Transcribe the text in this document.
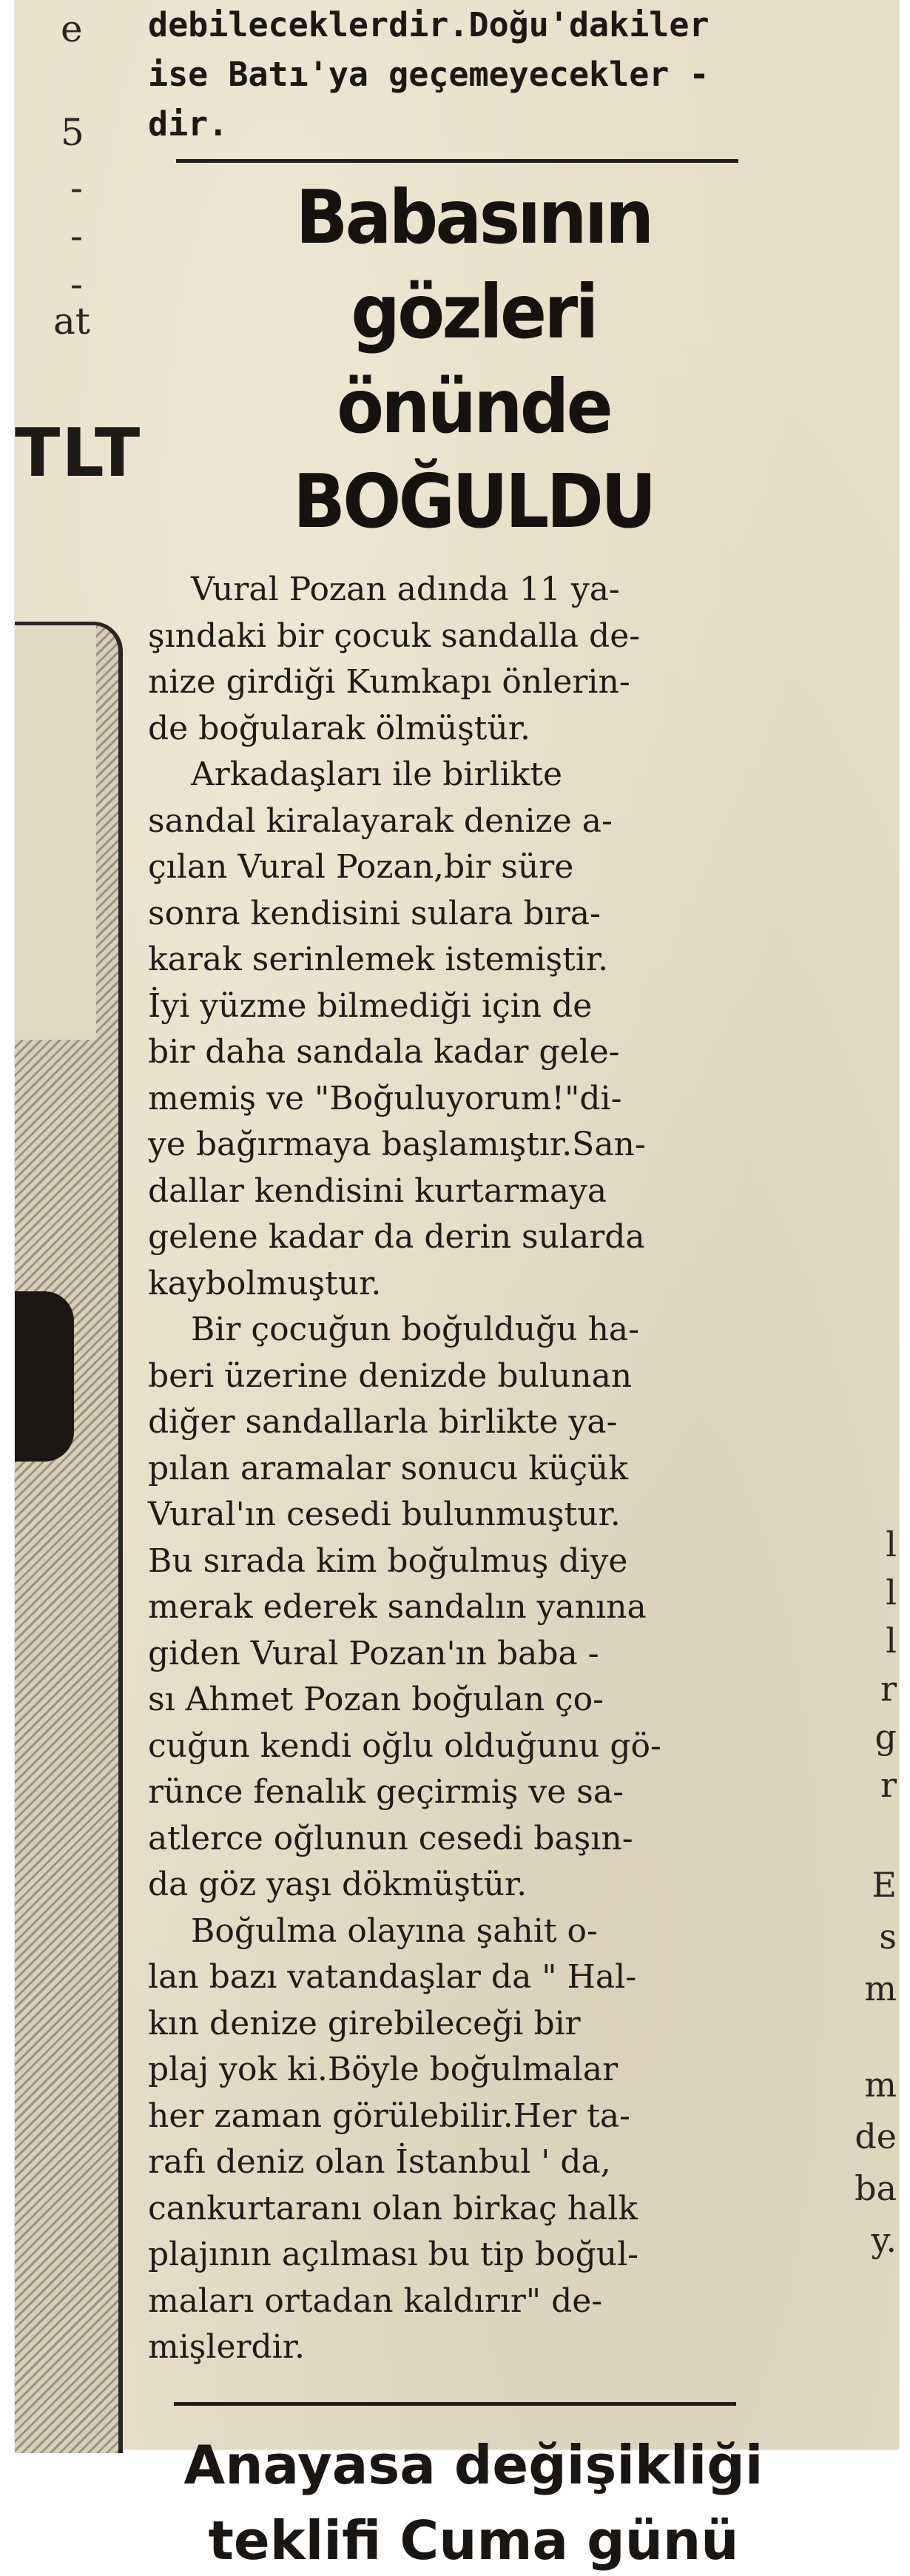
e
5
-
-
-
at
TLT
l
l
l
r
g
r
E
s
m
m
de
ba
y.
debileceklerdir.Doğu'dakiler
ise Batı'ya geçemeyecekler -
dir.
Babasının gözleri
önünde BOĞULDU
Vural Pozan adında 11 ya-
şındaki bir çocuk sandalla de-
nize girdiği Kumkapı önlerin-
de boğularak ölmüştür.
Arkadaşları ile birlikte
sandal kiralayarak denize a-
çılan Vural Pozan,bir süre
sonra kendisini sulara bıra-
karak serinlemek istemiştir.
İyi yüzme bilmediği için de
bir daha sandala kadar gele-
memiş ve "Boğuluyorum!"di-
ye bağırmaya başlamıştır.San-
dallar kendisini kurtarmaya
gelene kadar da derin sularda
kaybolmuştur.
Bir çocuğun boğulduğu ha-
beri üzerine denizde bulunan
diğer sandallarla birlikte ya-
pılan aramalar sonucu küçük
Vural'ın cesedi bulunmuştur.
Bu sırada kim boğulmuş diye
merak ederek sandalın yanına
giden Vural Pozan'ın baba -
sı Ahmet Pozan boğulan ço-
cuğun kendi oğlu olduğunu gö-
rünce fenalık geçirmiş ve sa-
atlerce oğlunun cesedi başın-
da göz yaşı dökmüştür.
Boğulma olayına şahit o-
lan bazı vatandaşlar da " Hal-
kın denize girebileceği bir
plaj yok ki.Böyle boğulmalar
her zaman görülebilir.Her ta-
rafı deniz olan İstanbul ' da,
cankurtaranı olan birkaç halk
plajının açılması bu tip boğul-
maları ortadan kaldırır" de-
mişlerdir.
Anayasa değişikliği
teklifi Cuma günü
